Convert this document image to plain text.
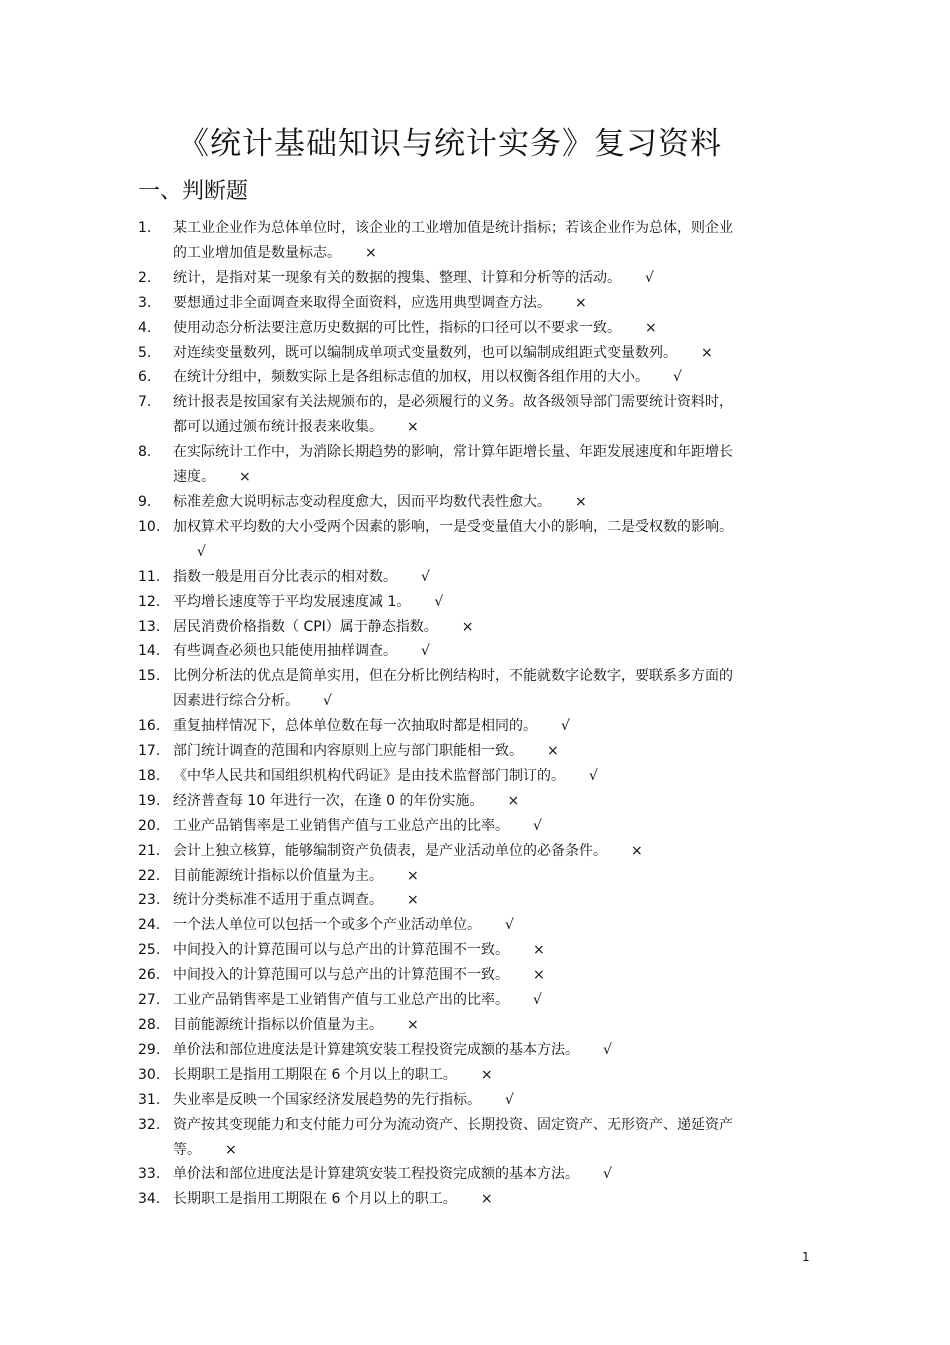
《统计基础知识与统计实务》复习资料
一、判断题

1. 某工业企业作为总体单位时，该企业的工业增加值是统计指标；若该企业作为总体，则企业的工业增加值是数量标志。 ×

2. 统计，是指对某一现象有关的数据的搜集、整理、计算和分析等的活动。 √

3. 要想通过非全面调查来取得全面资料，应选用典型调查方法。 ×

4. 使用动态分析法要注意历史数据的可比性，指标的口径可以不要求一致。 ×

5. 对连续变量数列，既可以编制成单项式变量数列，也可以编制成组距式变量数列。 ×

6. 在统计分组中，频数实际上是各组标志值的加权，用以权衡各组作用的大小。 √

7. 统计报表是按国家有关法规颁布的，是必须履行的义务。故各级领导部门需要统计资料时，都可以通过颁布统计报表来收集。 ×

8. 在实际统计工作中，为消除长期趋势的影响，常计算年距增长量、年距发展速度和年距增长速度。 ×

9. 标准差愈大说明标志变动程度愈大，因而平均数代表性愈大。 ×

10. 加权算术平均数的大小受两个因素的影响，一是受变量值大小的影响，二是受权数的影响。√

11. 指数一般是用百分比表示的相对数。 √

12. 平均增长速度等于平均发展速度减 1。 √

13. 居民消费价格指数（ CPI）属于静态指数。 ×

14. 有些调查必须也只能使用抽样调查。 √

15. 比例分析法的优点是简单实用，但在分析比例结构时，不能就数字论数字，要联系多方面的因素进行综合分析。 √

16. 重复抽样情况下，总体单位数在每一次抽取时都是相同的。 √

17. 部门统计调查的范围和内容原则上应与部门职能相一致。 ×

18. 《中华人民共和国组织机构代码证》是由技术监督部门制订的。 √

19. 经济普查每 10 年进行一次，在逢 0 的年份实施。 ×

20. 工业产品销售率是工业销售产值与工业总产出的比率。 √

21. 会计上独立核算，能够编制资产负债表，是产业活动单位的必备条件。 ×

22. 目前能源统计指标以价值量为主。 ×

23. 统计分类标准不适用于重点调查。 ×

24. 一个法人单位可以包括一个或多个产业活动单位。 √

25. 中间投入的计算范围可以与总产出的计算范围不一致。 ×

26. 中间投入的计算范围可以与总产出的计算范围不一致。 ×

27. 工业产品销售率是工业销售产值与工业总产出的比率。 √

28. 目前能源统计指标以价值量为主。 ×

29. 单价法和部位进度法是计算建筑安装工程投资完成额的基本方法。 √

30. 长期职工是指用工期限在 6 个月以上的职工。 ×

31. 失业率是反映一个国家经济发展趋势的先行指标。 √

32. 资产按其变现能力和支付能力可分为流动资产、长期投资、固定资产、无形资产、递延资产等。 ×

33. 单价法和部位进度法是计算建筑安装工程投资完成额的基本方法。 √

34. 长期职工是指用工期限在 6 个月以上的职工。 ×

1
